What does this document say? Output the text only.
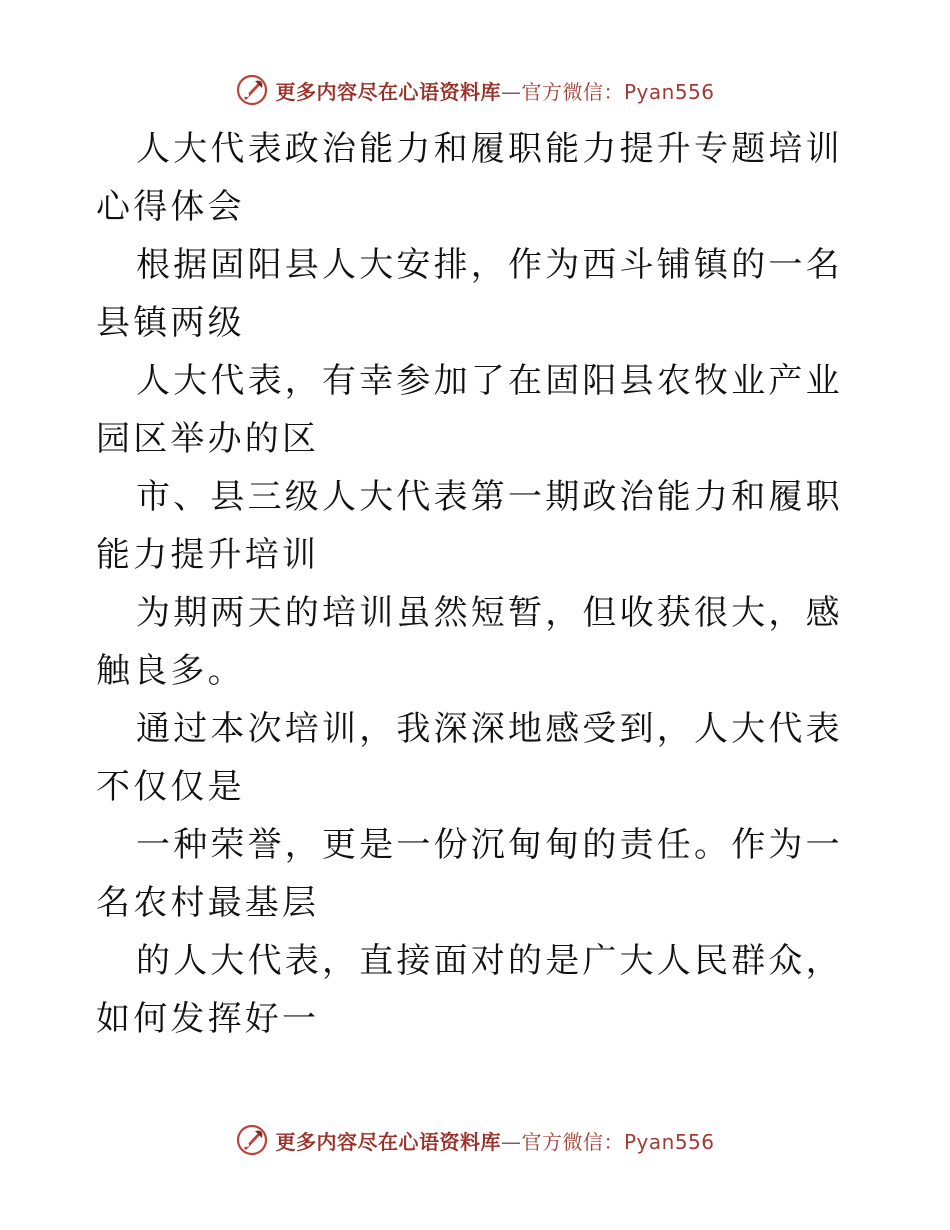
更多内容尽在心语资料库—官方微信：Pyan556

人大代表政治能力和履职能力提升专题培训心得体会

根据固阳县人大安排，作为西斗铺镇的一名县镇两级

人大代表，有幸参加了在固阳县农牧业产业园区举办的区

市、县三级人大代表第一期政治能力和履职能力提升培训

为期两天的培训虽然短暂，但收获很大，感触良多。

通过本次培训，我深深地感受到，人大代表不仅仅是

一种荣誉，更是一份沉甸甸的责任。作为一名农村最基层

的人大代表，直接面对的是广大人民群众，如何发挥好一

更多内容尽在心语资料库—官方微信：Pyan556
